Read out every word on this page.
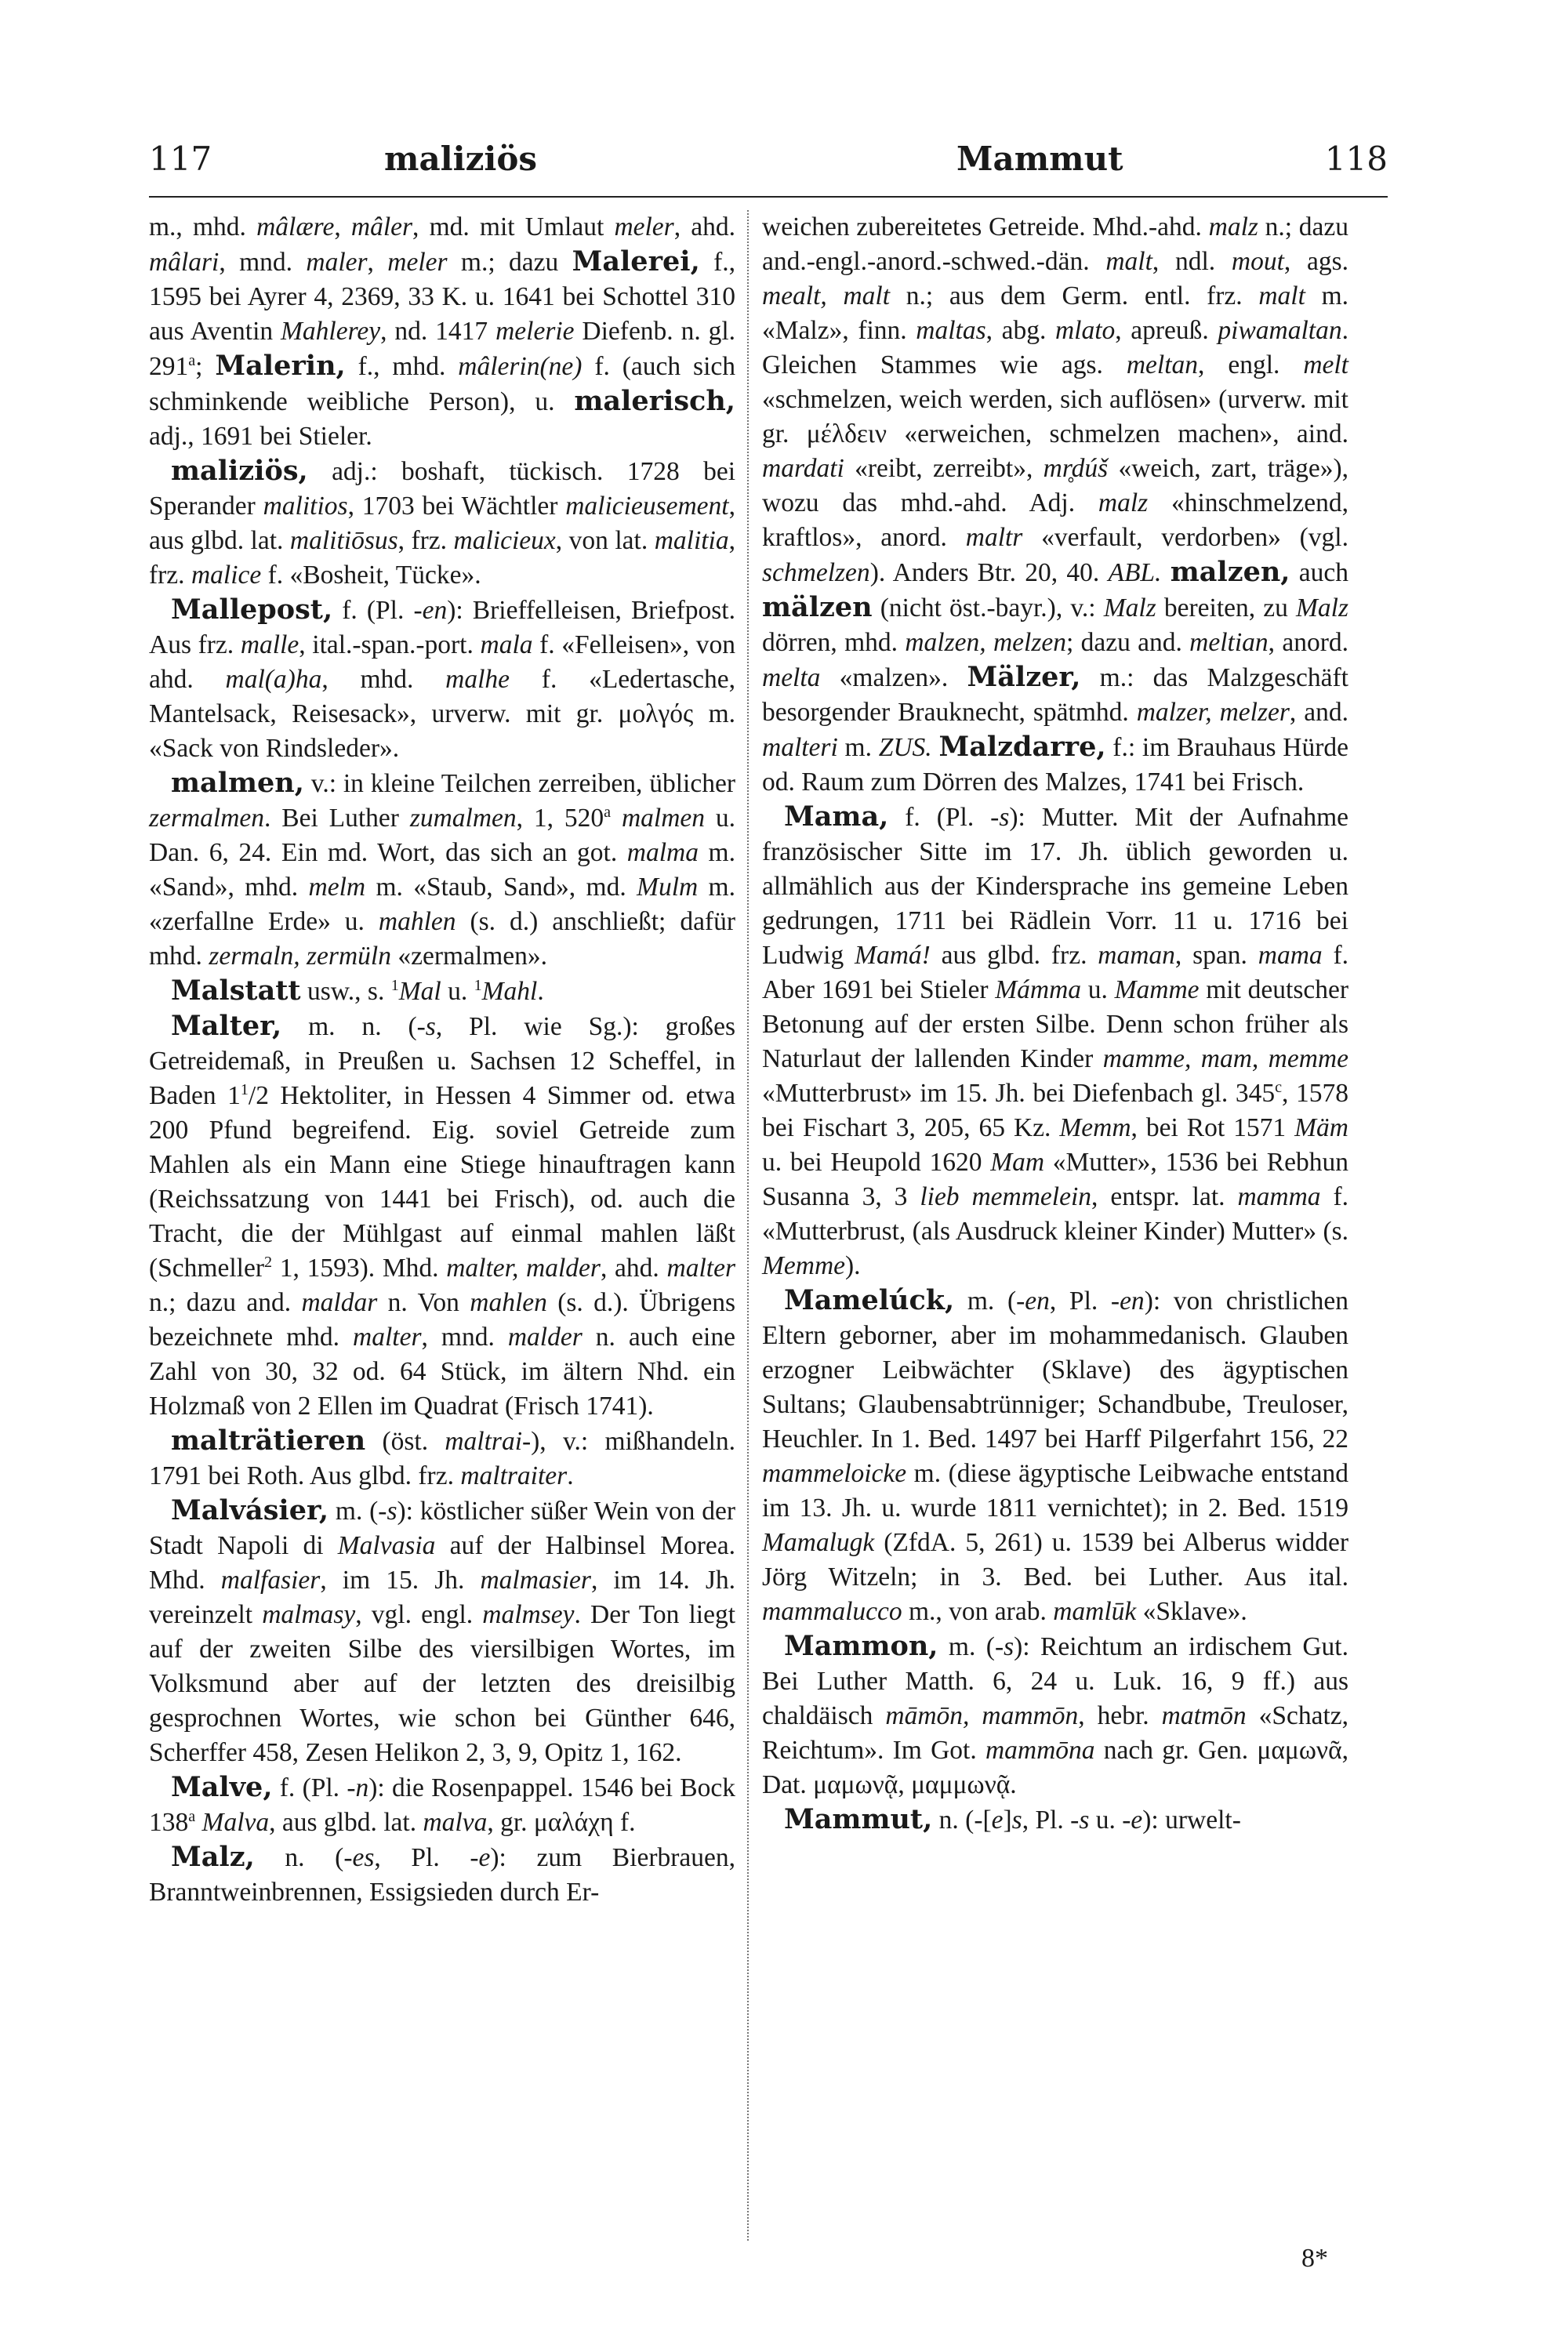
117	maliziös	Mammut	118

m., mhd. mâlære, mâler, md. mit Umlaut meler, ahd. mâlari, mnd. maler, meler m.; dazu Malerei, f., 1595 bei Ayrer 4, 2369, 33 K. u. 1641 bei Schottel 310 aus Aventin Mahlerey, nd. 1417 melerie Diefenb. n. gl. 291$^a$; Malerin, f., mhd. mâlerin(ne) f. (auch sich schminkende weibliche Person), u. malerisch, adj., 1691 bei Stieler.

maliziös, adj.: boshaft, tückisch. 1728 bei Sperander malitios, 1703 bei Wächtler malicieusement, aus glbd. lat. malitiōsus, frz. malicieux, von lat. malitia, frz. malice f. «Bosheit, Tücke».

Mallepost, f. (Pl. -en): Brieffelleisen, Briefpost. Aus frz. malle, ital.-span.-port. mala f. «Felleisen», von ahd. mal(a)ha, mhd. malhe f. «Ledertasche, Mantelsack, Reisesack», urverw. mit gr. μολγός m. «Sack von Rindsleder».

malmen, v.: in kleine Teilchen zerreiben, üblicher zermalmen. Bei Luther zumalmen, 1, 520$^a$ malmen u. Dan. 6, 24. Ein md. Wort, das sich an got. malma m. «Sand», mhd. melm m. «Staub, Sand», md. Mulm m. «zerfallne Erde» u. mahlen (s. d.) anschließt; dafür mhd. zermaln, zermüln «zermalmen».

Malstatt usw., s. $^1$Mal u. $^1$Mahl.

Malter, m. n. (-s, Pl. wie Sg.): großes Getreidemaß, in Preußen u. Sachsen 12 Scheffel, in Baden $1^1/2$ Hektoliter, in Hessen 4 Simmer od. etwa 200 Pfund begreifend. Eig. soviel Getreide zum Mahlen als ein Mann eine Stiege hinauftragen kann (Reichssatzung von 1441 bei Frisch), od. auch die Tracht, die der Mühlgast auf einmal mahlen läßt (Schmeller$^2$ 1, 1593). Mhd. malter, malder, ahd. malter n.; dazu and. maldar n. Von mahlen (s. d.). Übrigens bezeichnete mhd. malter, mnd. malder n. auch eine Zahl von 30, 32 od. 64 Stück, im ältern Nhd. ein Holzmaß von 2 Ellen im Quadrat (Frisch 1741).

malträtieren (öst. maltrai-), v.: mißhandeln. 1791 bei Roth. Aus glbd. frz. maltraiter.

Malvásier, m. (-s): köstlicher süßer Wein von der Stadt Napoli di Malvasia auf der Halbinsel Morea. Mhd. malfasier, im 15. Jh. malmasier, im 14. Jh. vereinzelt malmasy, vgl. engl. malmsey. Der Ton liegt auf der zweiten Silbe des viersilbigen Wortes, im Volksmund aber auf der letzten des dreisilbig gesprochnen Wortes, wie schon bei Günther 646, Scherffer 458, Zesen Helikon 2, 3, 9, Opitz 1, 162.

Malve, f. (Pl. -n): die Rosenpappel. 1546 bei Bock 138$^a$ Malva, aus glbd. lat. malva, gr. μαλάχη f.

Malz, n. (-es, Pl. -e): zum Bierbrauen, Branntweinbrennen, Essigsieden durch Er-

weichen zubereitetes Getreide. Mhd.-ahd. malz n.; dazu and.-engl.-anord.-schwed.-dän. malt, ndl. mout, ags. mealt, malt n.; aus dem Germ. entl. frz. malt m. «Malz», finn. maltas, abg. mlato, apreuß. piwamaltan. Gleichen Stammes wie ags. meltan, engl. melt «schmelzen, weich werden, sich auflösen» (urverw. mit gr. μέλδειν «erweichen, schmelzen machen», aind. mardati «reibt, zerreibt», mr̥dúš «weich, zart, träge»), wozu das mhd.-ahd. Adj. malz «hinschmelzend, kraftlos», anord. maltr «verfault, verdorben» (vgl. schmelzen). Anders Btr. 20, 40. ABL. malzen, auch mälzen (nicht öst.-bayr.), v.: Malz bereiten, zu Malz dörren, mhd. malzen, melzen; dazu and. meltian, anord. melta «malzen». Mälzer, m.: das Malzgeschäft besorgender Brauknecht, spätmhd. malzer, melzer, and. malteri m. ZUS. Malzdarre, f.: im Brauhaus Hürde od. Raum zum Dörren des Malzes, 1741 bei Frisch.

Mama, f. (Pl. -s): Mutter. Mit der Aufnahme französischer Sitte im 17. Jh. üblich geworden u. allmählich aus der Kindersprache ins gemeine Leben gedrungen, 1711 bei Rädlein Vorr. 11 u. 1716 bei Ludwig Mamá! aus glbd. frz. maman, span. mama f. Aber 1691 bei Stieler Mámma u. Mamme mit deutscher Betonung auf der ersten Silbe. Denn schon früher als Naturlaut der lallenden Kinder mamme, mam, memme «Mutterbrust» im 15. Jh. bei Diefenbach gl. 345$^c$, 1578 bei Fischart 3, 205, 65 Kz. Memm, bei Rot 1571 Mäm u. bei Heupold 1620 Mam «Mutter», 1536 bei Rebhun Susanna 3, 3 lieb memmelein, entspr. lat. mamma f. «Mutterbrust, (als Ausdruck kleiner Kinder) Mutter» (s. Memme).

Mamelúck, m. (-en, Pl. -en): von christlichen Eltern geborner, aber im mohammedanisch. Glauben erzogner Leibwächter (Sklave) des ägyptischen Sultans; Glaubensabtrünniger; Schandbube, Treuloser, Heuchler. In 1. Bed. 1497 bei Harff Pilgerfahrt 156, 22 mammeloicke m. (diese ägyptische Leibwache entstand im 13. Jh. u. wurde 1811 vernichtet); in 2. Bed. 1519 Mamalugk (ZfdA. 5, 261) u. 1539 bei Alberus widder Jörg Witzeln; in 3. Bed. bei Luther. Aus ital. mammalucco m., von arab. mamlūk «Sklave».

Mammon, m. (-s): Reichtum an irdischem Gut. Bei Luther Matth. 6, 24 u. Luk. 16, 9 ff.) aus chaldäisch māmōn, mammōn, hebr. matmōn «Schatz, Reichtum». Im Got. mammōna nach gr. Gen. μαμωνᾶ, Dat. μαμωνᾷ, μαμμωνᾷ.

Mammut, n. (-[e]s, Pl. -s u. -e): urwelt-

8*
